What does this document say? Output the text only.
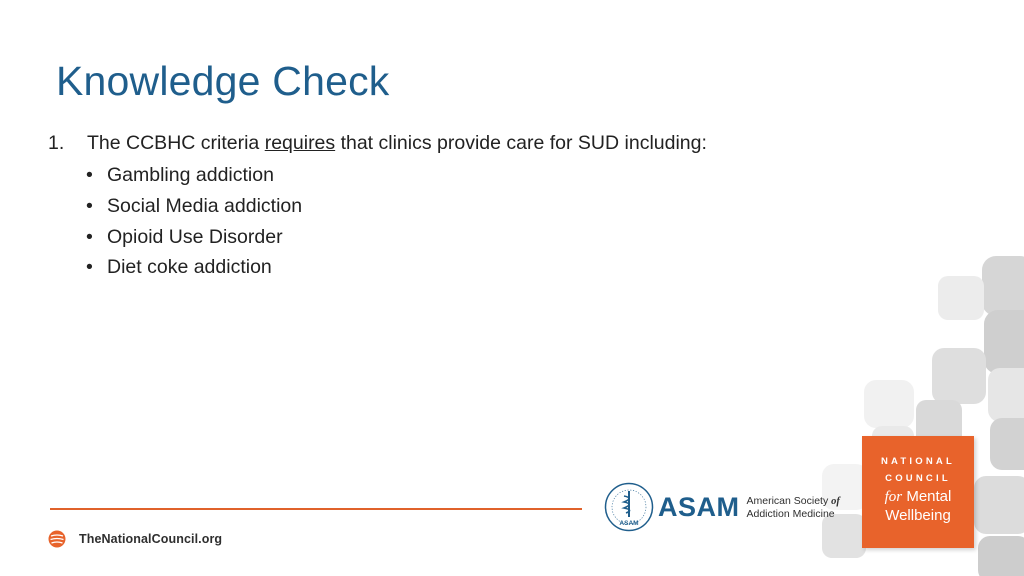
Knowledge Check
1. The CCBHC criteria requires that clinics provide care for SUD including:
• Gambling addiction
• Social Media addiction
• Opioid Use Disorder
• Diet coke addiction
TheNationalCouncil.org
ASAM
ASAM American Society of
Addiction Medicine
NATIONAL
COUNCIL
for Mental
Wellbeing
